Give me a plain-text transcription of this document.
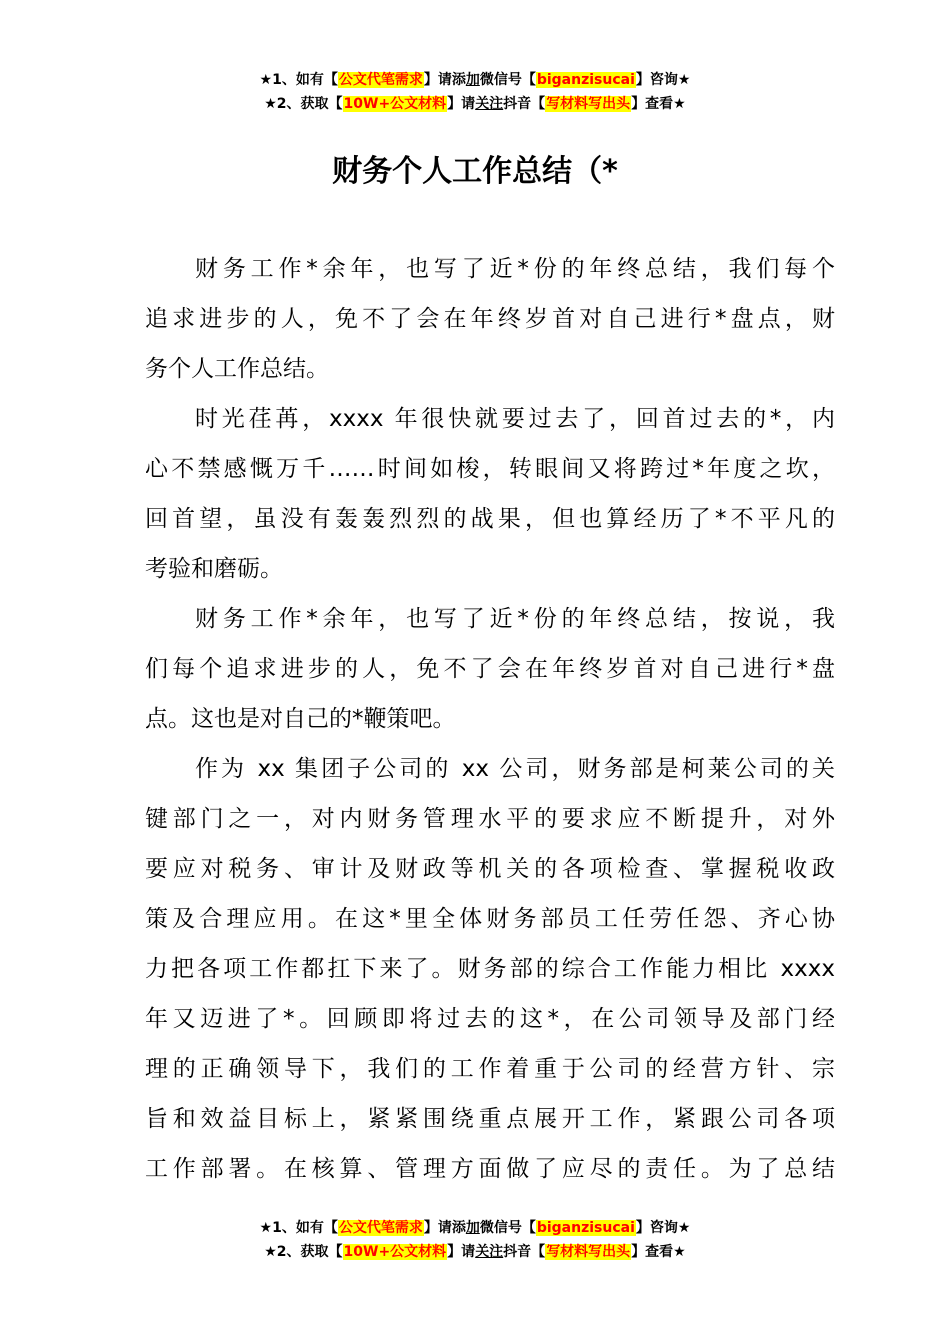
★1、如有【公文代笔需求】请添加微信号【biganzisucai】咨询★
★2、获取【10W+公文材料】请关注抖音【写材料写出头】查看★
财务个人工作总结（*
财务工作*余年，也写了近*份的年终总结，我们每个
追求进步的人，免不了会在年终岁首对自己进行*盘点，财
务个人工作总结。
时光荏苒，xxxx 年很快就要过去了，回首过去的*，内
心不禁感慨万千……时间如梭，转眼间又将跨过*年度之坎，
回首望，虽没有轰轰烈烈的战果，但也算经历了*不平凡的
考验和磨砺。
财务工作*余年，也写了近*份的年终总结，按说，我
们每个追求进步的人，免不了会在年终岁首对自己进行*盘
点。这也是对自己的*鞭策吧。
作为 xx 集团子公司的 xx 公司，财务部是柯莱公司的关
键部门之一，对内财务管理水平的要求应不断提升，对外
要应对税务、审计及财政等机关的各项检查、掌握税收政
策及合理应用。在这*里全体财务部员工任劳任怨、齐心协
力把各项工作都扛下来了。财务部的综合工作能力相比 xxxx
年又迈进了*。回顾即将过去的这*，在公司领导及部门经
理的正确领导下，我们的工作着重于公司的经营方针、宗
旨和效益目标上，紧紧围绕重点展开工作，紧跟公司各项
工作部署。在核算、管理方面做了应尽的责任。为了总结
★1、如有【公文代笔需求】请添加微信号【biganzisucai】咨询★
★2、获取【10W+公文材料】请关注抖音【写材料写出头】查看★
